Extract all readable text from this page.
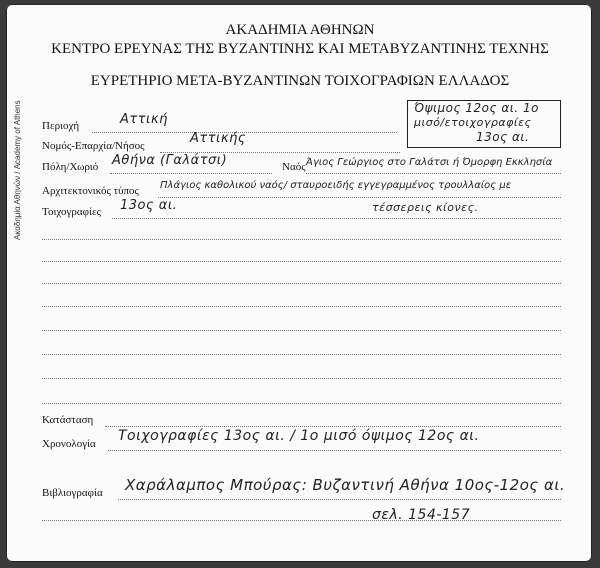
Ακαδημία Αθηνών / Academy of Athens
ΑΚΑΔΗΜΙΑ ΑΘΗΝΩΝ
ΚΕΝΤΡΟ ΕΡΕΥΝΑΣ ΤΗΣ ΒΥΖΑΝΤΙΝΗΣ ΚΑΙ ΜΕΤΑΒΥΖΑΝΤΙΝΗΣ ΤΕΧΝΗΣ
ΕΥΡΕΤΗΡΙΟ ΜΕΤΑ-ΒΥΖΑΝΤΙΝΩΝ ΤΟΙΧΟΓΡΑΦΙΩΝ ΕΛΛΑΔΟΣ
Όψιμος 12ος αι. 1ο
μισό/ετοιχογραφίες
13ος αι.
Περιοχή	Αττική
Νομός-Επαρχία/Νήσος	Αττικής
Πόλη/Χωριό Αθήνα (Γαλάτσι)	Ναός Άγιος Γεώργιος στο Γαλάτσι ή Όμορφη Εκκλησία
Αρχιτεκτονικός τύπος Πλάγιος καθολικού ναός/ σταυροειδής εγγεγραμμένος τρουλλαίος με
Τοιχογραφίες 13ος αι.	τέσσερεις κίονες.
Κατάσταση
Χρονολογία Τοιχογραφίες 13ος αι. / 1ο μισό όψιμος 12ος αι.
Βιβλιογραφία Χαράλαμπος Μπούρας: Βυζαντινή Αθήνα 10ος-12ος αι.
σελ. 154-157
